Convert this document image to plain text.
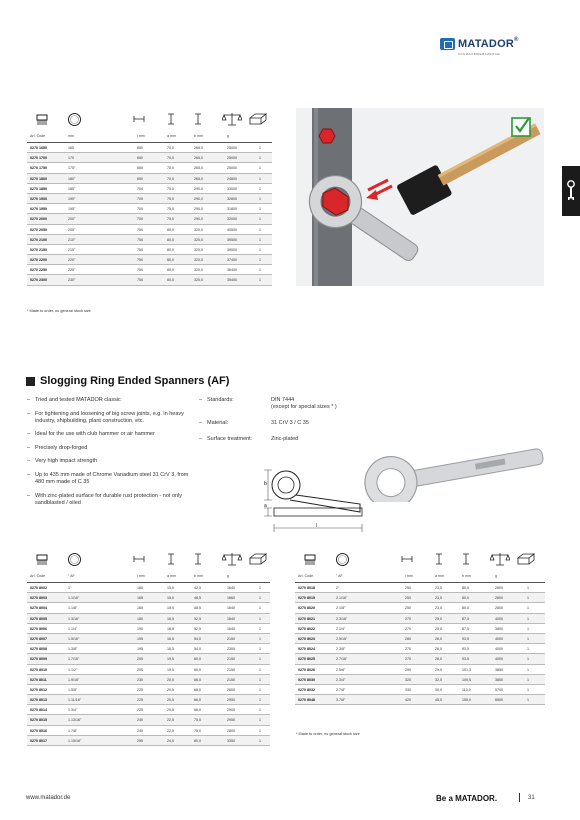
MATADOR ®
SCHRAUBWERKZEUGE
Art. Code	mm	l mm	a mm	b mm	g
0270 1650	165	650	70,0	265,0	25000	1
0270 1700	170	650	70,0	265,0	25000	1
0270 1750	175°	650	70,0	265,0	25000	1
0270 1800	180°	650	70,0	265,0	24800	1
0270 1850	185°	700	75,0	290,0	33000	1
0270 1900	190°	700	75,0	290,0	32800	1
0270 1950	195°	700	75,0	290,0	31800	1
0270 2000	200°	700	75,0	290,0	32000	1
0270 2050	205°	750	80,0	320,0	40500	1
0270 2100	210°	750	80,0	320,0	39500	1
0270 2150	215°	750	80,0	320,0	39000	1
0270 2200	220°	750	80,0	320,0	37400	1
0270 2250	225°	750	80,0	320,0	36400	1
0270 2300	230°	750	80,0	320,0	35400	1
* Made to order, no general stock size
Slogging Ring Ended Spanners (AF)
– Tried and tested MATADOR classic
– For tightening and loosening of big screw joints, e.g. in heavy industry, shipbuilding, plant construction, etc.
– Ideal for the use with club hammer or air hammer
– Precisely drop-forged
– Very high impact strength
– Up to 435 mm made of Chrome Vanadium steel 31 CrV 3, from 480 mm made of C 35
– With zinc-plated surface for durable rust protection - not only sandblasted / oiled
– Standards:	DIN 7444
(except for special sizes * )
– Material:	31 CrV 3 / C 35
– Surface treatment:	Zinc-plated
b
a
l
Art. Code	" AF	l mm	a mm	b mm	g
0270 8002	1"	160	15,0	42,5	1640	1
0270 8003	1.1/16"	165	15,0	48,5	1660	1
0270 8004	1.1/8"	165	15,0	48,5	1640	1
0270 8005	1.3/16"	180	16,5	52,5	1640	1
0270 8006	1.1/4"	190	16,5	52,5	1640	1
0270 8007	1.5/16"	195	16,5	54,0	2150	1
0270 8008	1.3/8"	195	16,5	54,0	2300	1
0270 8009	1.7/16"	205	19,5	60,0	2150	1
0270 8010	1.1/2"	205	19,5	60,0	2150	1
0270 8011	1.9/16"	230	20,0	66,0	2150	1
0270 8012	1.5/8"	225	20,5	66,0	2600	1
0270 8013	1.11/16"	225	20,5	66,0	2950	1
0270 8014	1.3/4"	225	20,5	66,0	2900	1
0270 8015	1.13/16"	240	22,5	75,0	2950	1
0270 8016	1.7/8"	240	22,5	75,0	2800	1
0270 8017	1.15/16"	255	24,0	80,0	3350	1
Art. Code	" AF	l mm	a mm	b mm	g
0270 8018	2"	250	23,5	80,0	2800	1
0270 8019	2.1/16"	250	23,5	80,0	2800	1
0270 8020	2.1/8"	250	23,5	80,0	2800	1
0270 8021	2.3/16"	270	25,0	87,5	4000	1
0270 8022	2.1/4"	270	25,0	87,5	3800	1
0270 8023	2.5/16"	280	26,0	93,5	4000	1
0270 8024	2.3/8"	270	26,0	93,5	4000	1
0270 8025	2.7/16"	270	26,0	93,5	4000	1
0270 8026	2.5/8"	290	29,0	101,3	3850	1
0270 8030	2.3/4"	320	32,5	109,5	3850	1
0270 8032	2.7/8"	330	30,0	110,0	5700	1
0270 8048	3.7/8"	420	45,0	155,0	6500	1
* Made to order, no general stock size
www.matador.de	Be a MATADOR.	31
